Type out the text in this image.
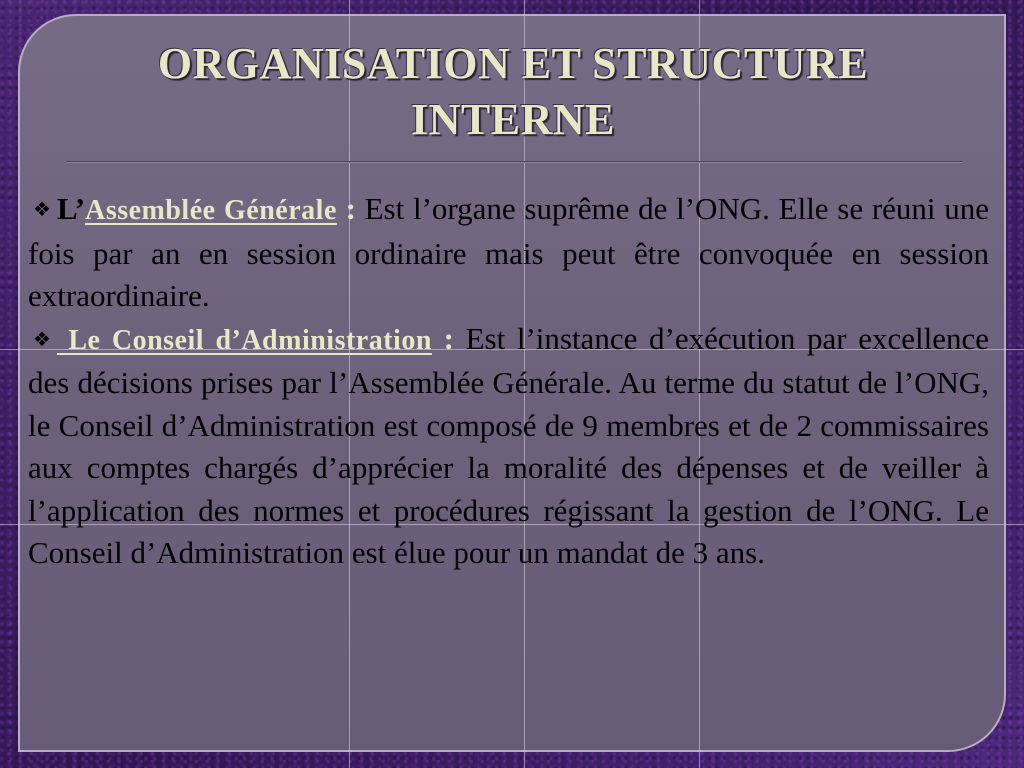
ORGANISATION ET STRUCTURE INTERNE

❖ L’Assemblée Générale : Est l’organe suprême de l’ONG. Elle se réuni une fois par an en session ordinaire mais peut être convoquée en session extraordinaire.

❖ Le Conseil d’Administration : Est l’instance d’exécution par excellence des décisions prises par l’Assemblée Générale. Au terme du statut de l’ONG, le Conseil d’Administration est composé de 9 membres et de 2 commissaires aux comptes chargés d’apprécier la moralité des dépenses et de veiller à l’application des normes et procédures régissant la gestion de l’ONG. Le Conseil d’Administration est élue pour un mandat de 3 ans.
